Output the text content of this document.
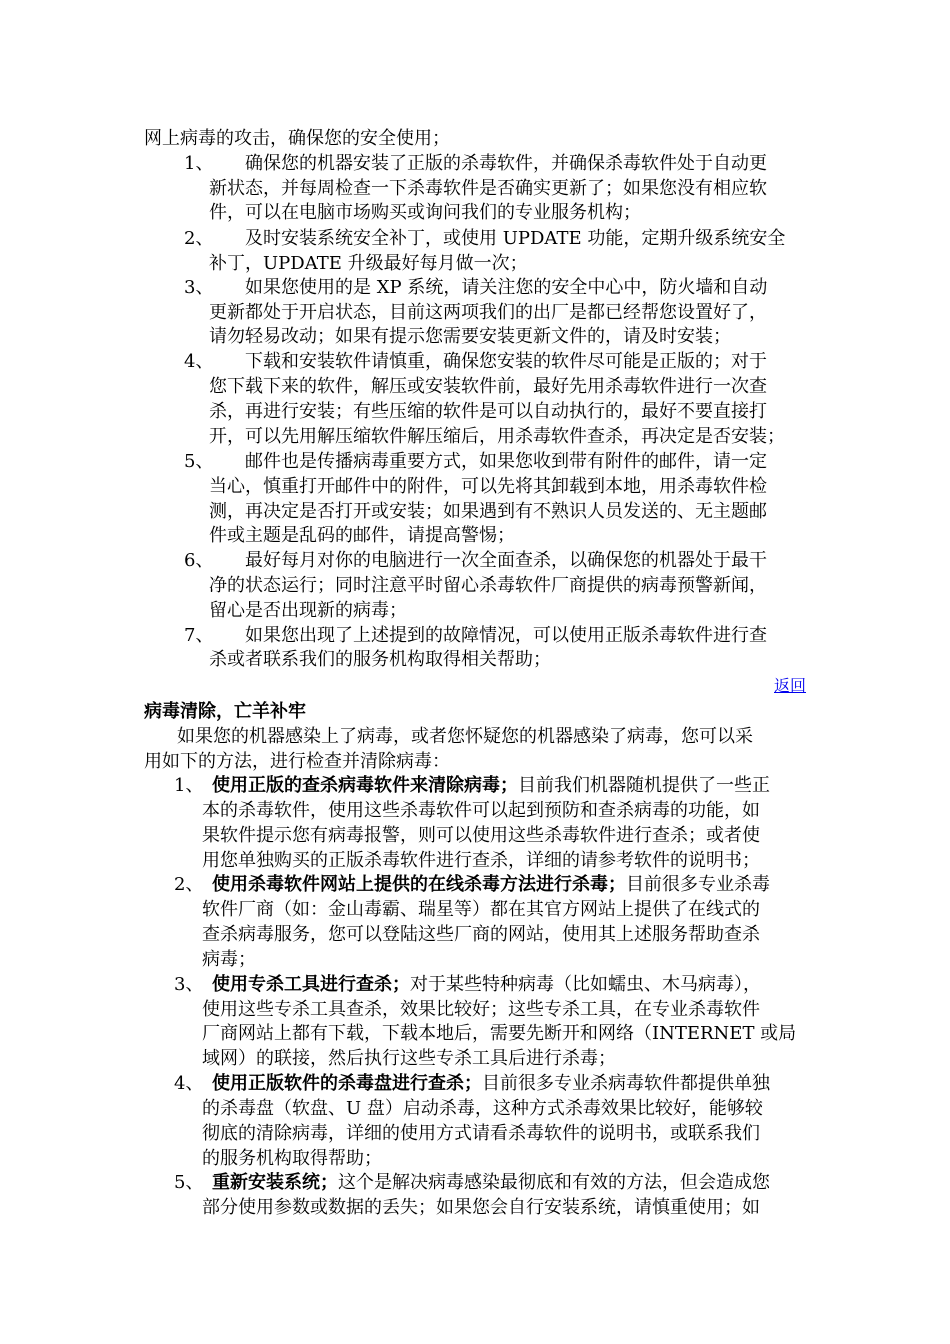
网上病毒的攻击，确保您的安全使用；
1、 确保您的机器安装了正版的杀毒软件，并确保杀毒软件处于自动更
新状态，并每周检查一下杀毒软件是否确实更新了；如果您没有相应软
件，可以在电脑市场购买或询问我们的专业服务机构；
2、 及时安装系统安全补丁，或使用 UPDATE 功能，定期升级系统安全
补丁，UPDATE 升级最好每月做一次；
3、 如果您使用的是 XP 系统，请关注您的安全中心中，防火墙和自动
更新都处于开启状态，目前这两项我们的出厂是都已经帮您设置好了，
请勿轻易改动；如果有提示您需要安装更新文件的，请及时安装；
4、 下载和安装软件请慎重，确保您安装的软件尽可能是正版的；对于
您下载下来的软件，解压或安装软件前，最好先用杀毒软件进行一次查
杀，再进行安装；有些压缩的软件是可以自动执行的，最好不要直接打
开，可以先用解压缩软件解压缩后，用杀毒软件查杀，再决定是否安装；
5、 邮件也是传播病毒重要方式，如果您收到带有附件的邮件，请一定
当心，慎重打开邮件中的附件，可以先将其卸载到本地，用杀毒软件检
测，再决定是否打开或安装；如果遇到有不熟识人员发送的、无主题邮
件或主题是乱码的邮件，请提高警惕；
6、 最好每月对你的电脑进行一次全面查杀，以确保您的机器处于最干
净的状态运行；同时注意平时留心杀毒软件厂商提供的病毒预警新闻，
留心是否出现新的病毒；
7、 如果您出现了上述提到的故障情况，可以使用正版杀毒软件进行查
杀或者联系我们的服务机构取得相关帮助；
返回
病毒清除，亡羊补牢
如果您的机器感染上了病毒，或者您怀疑您的机器感染了病毒，您可以采
用如下的方法，进行检查并清除病毒：
1、 使用正版的查杀病毒软件来清除病毒；目前我们机器随机提供了一些正
本的杀毒软件，使用这些杀毒软件可以起到预防和查杀病毒的功能，如
果软件提示您有病毒报警，则可以使用这些杀毒软件进行查杀；或者使
用您单独购买的正版杀毒软件进行查杀，详细的请参考软件的说明书；
2、 使用杀毒软件网站上提供的在线杀毒方法进行杀毒；目前很多专业杀毒
软件厂商（如：金山毒霸、瑞星等）都在其官方网站上提供了在线式的
查杀病毒服务，您可以登陆这些厂商的网站，使用其上述服务帮助查杀
病毒；
3、 使用专杀工具进行查杀；对于某些特种病毒（比如蠕虫、木马病毒），
使用这些专杀工具查杀，效果比较好；这些专杀工具，在专业杀毒软件
厂商网站上都有下载，下载本地后，需要先断开和网络（INTERNET 或局
域网）的联接，然后执行这些专杀工具后进行杀毒；
4、 使用正版软件的杀毒盘进行查杀；目前很多专业杀病毒软件都提供单独
的杀毒盘（软盘、U 盘）启动杀毒，这种方式杀毒效果比较好，能够较
彻底的清除病毒，详细的使用方式请看杀毒软件的说明书，或联系我们
的服务机构取得帮助；
5、 重新安装系统；这个是解决病毒感染最彻底和有效的方法，但会造成您
部分使用参数或数据的丢失；如果您会自行安装系统，请慎重使用；如
